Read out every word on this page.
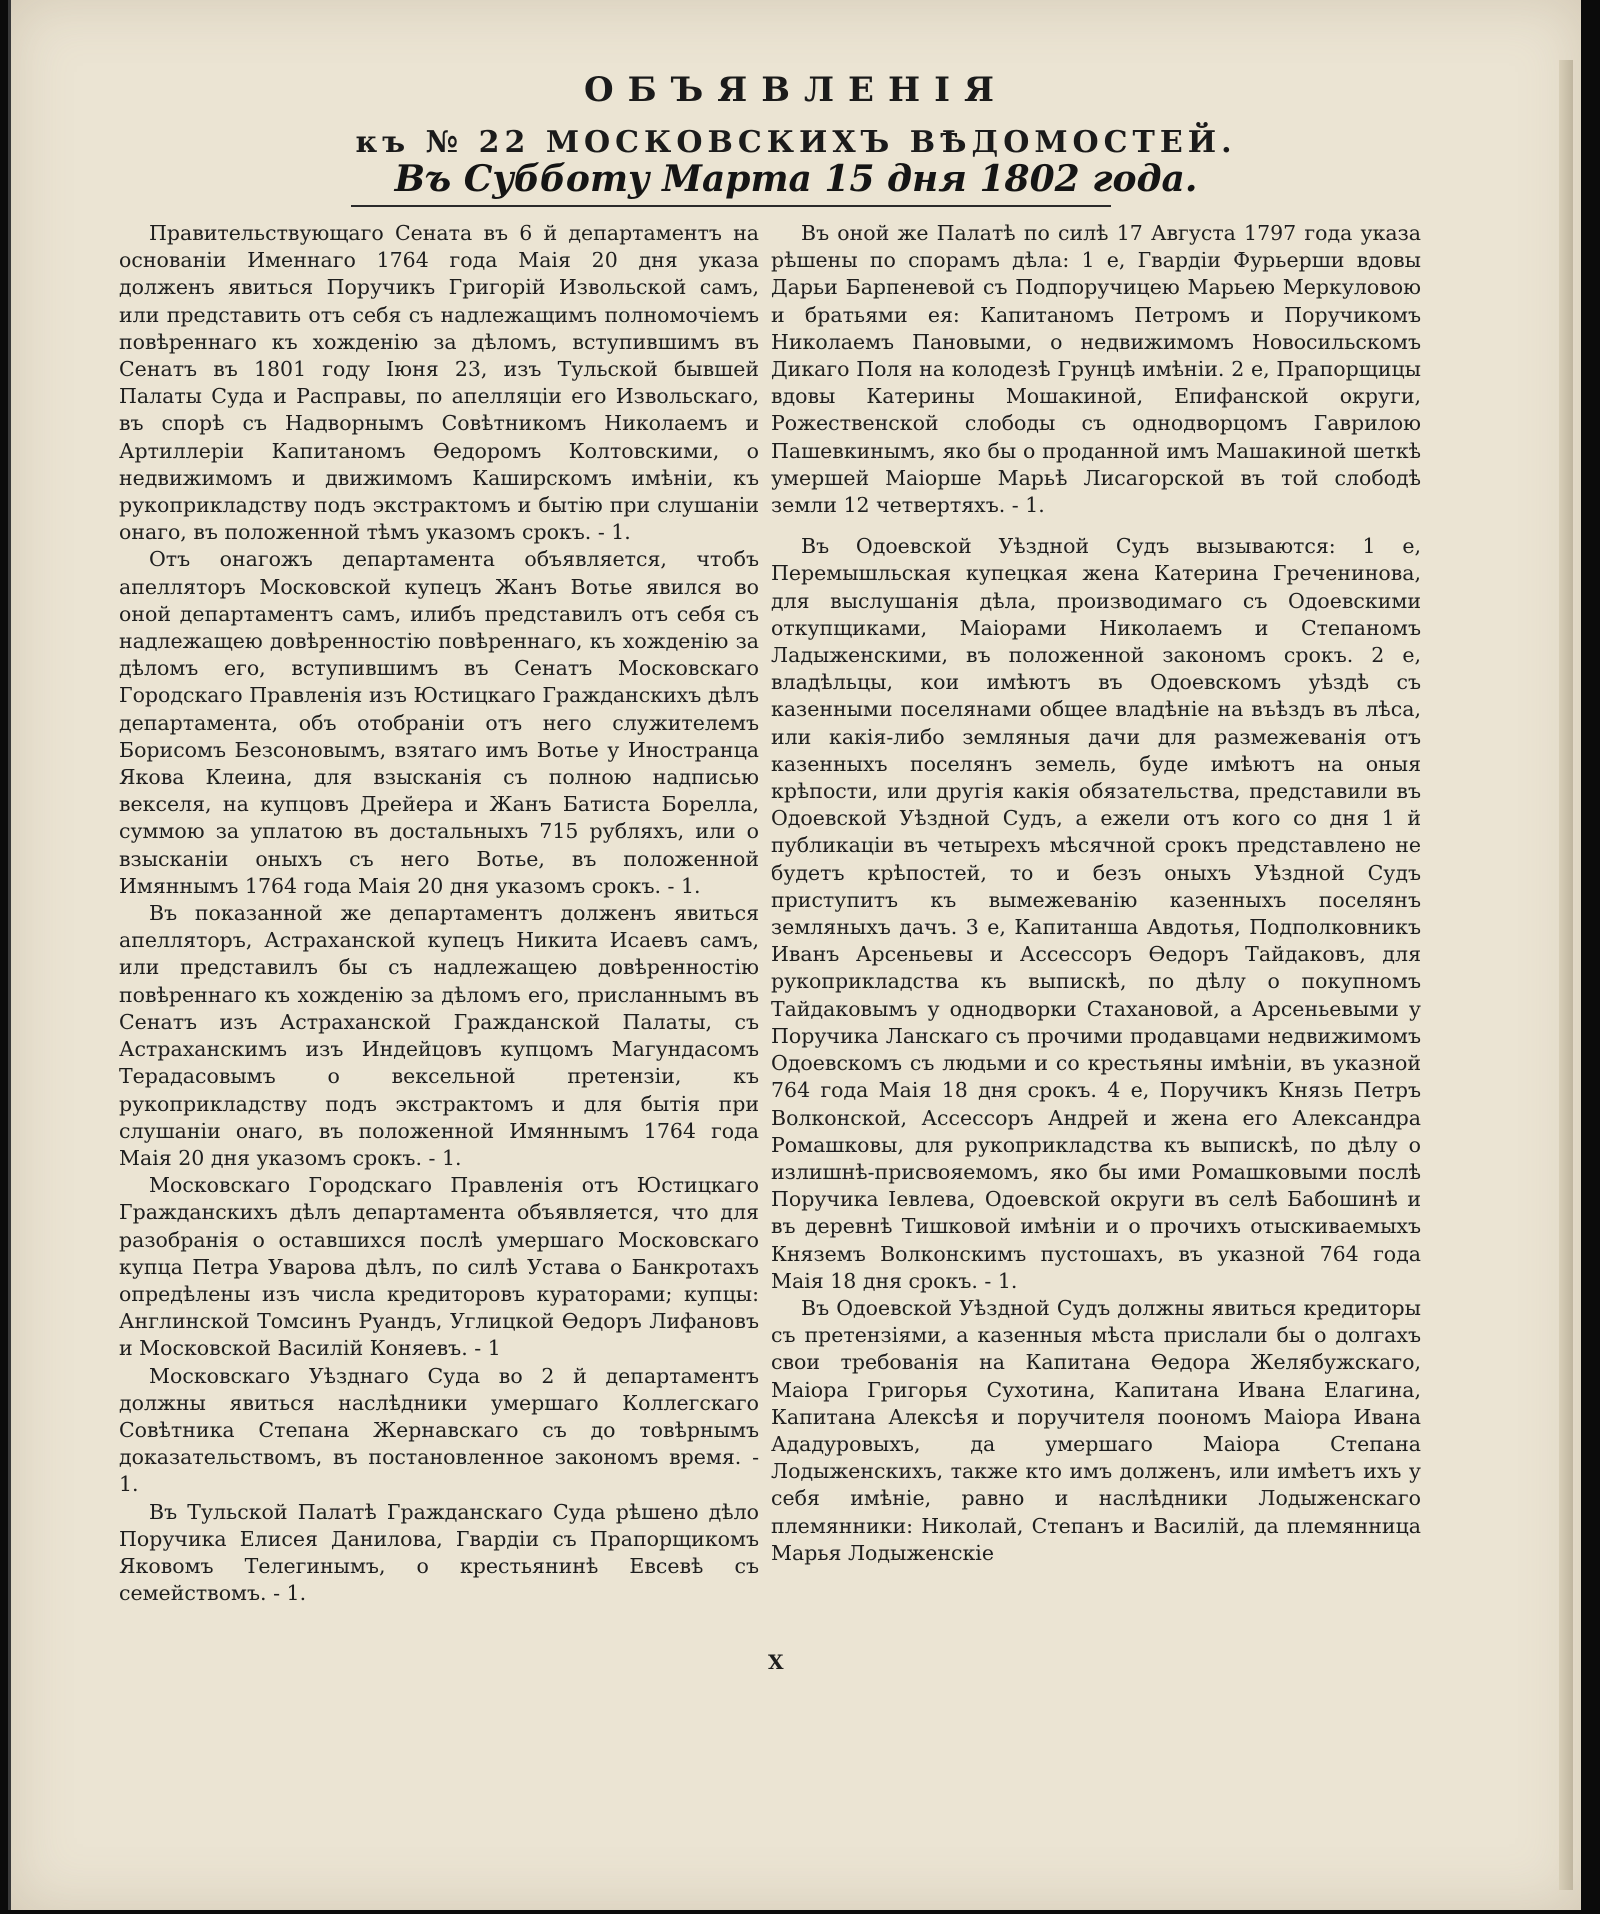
ОБЪЯВЛЕНІЯ
къ № 22 МОСКОВСКИХЪ ВѢДОМОСТЕЙ.
Въ Субботу Марта 15 дня 1802 года.

Правительствующаго Сената въ 6 й департаментъ на основаніи Именнаго 1764 года Маія 20 дня указа долженъ явиться Поручикъ Григорій Извольской самъ, или представить отъ себя съ надлежащимъ полномочіемъ повѣреннаго къ хожденію за дѣломъ, вступившимъ въ Сенатъ въ 1801 году Іюня 23, изъ Тульской бывшей Палаты Суда и Расправы, по апелляціи его Извольскаго, въ спорѣ съ Надворнымъ Совѣтникомъ Николаемъ и Артиллеріи Капитаномъ Ѳедоромъ Колтовскими, о недвижимомъ и движимомъ Каширскомъ имѣніи, къ рукоприкладству подъ экстрактомъ и бытію при слушаніи онаго, въ положенной тѣмъ указомъ срокъ. - 1.

Отъ онагожъ департамента объявляется, чтобъ апелляторъ Московской купецъ Жанъ Вотье явился во оной департаментъ самъ, илибъ представилъ отъ себя съ надлежащею довѣренностію повѣреннаго, къ хожденію за дѣломъ его, вступившимъ въ Сенатъ Московскаго Городскаго Правленія изъ Юстицкаго Гражданскихъ дѣлъ департамента, объ отобраніи отъ него служителемъ Борисомъ Безсоновымъ, взятаго имъ Вотье у Иностранца Якова Клеина, для взысканія съ полною надписью векселя, на купцовъ Дрейера и Жанъ Батиста Борелла, суммою за уплатою въ достальныхъ 715 рубляхъ, или о взысканіи оныхъ съ него Вотье, въ положенной Имяннымъ 1764 года Маія 20 дня указомъ срокъ. - 1.

Въ показанной же департаментъ долженъ явиться апелляторъ, Астраханской купецъ Никита Исаевъ самъ, или представилъ бы съ надлежащею довѣренностію повѣреннаго къ хожденію за дѣломъ его, присланнымъ въ Сенатъ изъ Астраханской Гражданской Палаты, съ Астраханскимъ изъ Индейцовъ купцомъ Магундасомъ Терадасовымъ о вексельной претензіи, къ рукоприкладству подъ экстрактомъ и для бытія при слушаніи онаго, въ положенной Имяннымъ 1764 года Маія 20 дня указомъ срокъ. - 1.

Московскаго Городскаго Правленія отъ Юстицкаго Гражданскихъ дѣлъ департамента объявляется, что для разобранія о оставшихся послѣ умершаго Московскаго купца Петра Уварова дѣлъ, по силѣ Устава о Банкротахъ опредѣлены изъ числа кредиторовъ кураторами; купцы: Англинской Томсинъ Руандъ, Углицкой Ѳедоръ Лифановъ и Московской Василій Коняевъ. - 1

Московскаго Уѣзднаго Суда во 2 й департаментъ должны явиться наслѣдники умершаго Коллегскаго Совѣтника Степана Жернавскаго съ до товѣрнымъ доказательствомъ, въ постановленное закономъ время. - 1.

Въ Тульской Палатѣ Гражданскаго Суда рѣшено дѣло Поручика Елисея Данилова, Гвардіи съ Прапорщикомъ Яковомъ Телегинымъ, о крестьянинѣ Евсевѣ съ семействомъ. - 1.

Въ оной же Палатѣ по силѣ 17 Августа 1797 года указа рѣшены по спорамъ дѣла: 1 е, Гвардіи Фурьерши вдовы Дарьи Барпеневой съ Подпоручицею Марьею Меркуловою и братьями ея: Капитаномъ Петромъ и Поручикомъ Николаемъ Пановыми, о недвижимомъ Новосильскомъ Дикаго Поля на колодезѣ Грунцѣ имѣніи. 2 е, Прапорщицы вдовы Катерины Мошакиной, Епифанской округи, Рожественской слободы съ однодворцомъ Гаврилою Пашевкинымъ, яко бы о проданной имъ Машакиной шеткѣ умершей Маіорше Марьѣ Лисагорской въ той слободѣ земли 12 четвертяхъ. - 1.

Въ Одоевской Уѣздной Судъ вызываются: 1 е, Перемышльская купецкая жена Катерина Греченинова, для выслушанія дѣла, производимаго съ Одоевскими откупщиками, Маіорами Николаемъ и Степаномъ Ладыженскими, въ положенной закономъ срокъ. 2 е, владѣльцы, кои имѣютъ въ Одоевскомъ уѣздѣ съ казенными поселянами общее владѣніе на въѣздъ въ лѣса, или какія-либо земляныя дачи для размежеванія отъ казенныхъ поселянъ земель, буде имѣютъ на оныя крѣпости, или другія какія обязательства, представили въ Одоевской Уѣздной Судъ, а ежели отъ кого со дня 1 й публикаціи въ четырехъ мѣсячной срокъ представлено не будетъ крѣпостей, то и безъ оныхъ Уѣздной Судъ приступитъ къ вымежеванію казенныхъ поселянъ земляныхъ дачъ. 3 е, Капитанша Авдотья, Подполковникъ Иванъ Арсеньевы и Ассессоръ Ѳедоръ Тайдаковъ, для рукоприкладства къ выпискѣ, по дѣлу о покупномъ Тайдаковымъ у однодворки Стахановой, а Арсеньевыми у Поручика Ланскаго съ прочими продавцами недвижимомъ Одоевскомъ съ людьми и со крестьяны имѣніи, въ указной 764 года Маія 18 дня срокъ. 4 е, Поручикъ Князь Петръ Волконской, Ассессоръ Андрей и жена его Александра Ромашковы, для рукоприкладства къ выпискѣ, по дѣлу о излишнѣ-присвояемомъ, яко бы ими Ромашковыми послѣ Поручика Іевлева, Одоевской округи въ селѣ Бабошинѣ и въ деревнѣ Тишковой имѣніи и о прочихъ отыскиваемыхъ Княземъ Волконскимъ пустошахъ, въ указной 764 года Маія 18 дня срокъ. - 1.

Въ Одоевской Уѣздной Судъ должны явиться кредиторы съ претензіями, а казенныя мѣста прислали бы о долгахъ свои требованія на Капитана Ѳедора Желябужскаго, Маіора Григорья Сухотина, Капитана Ивана Елагина, Капитана Алексѣя и поручителя поономъ Маіора Ивана Ададуровыхъ, да умершаго Маіора Степана Лодыженскихъ, также кто имъ долженъ, или имѣетъ ихъ у себя имѣніе, равно и наслѣдники Лодыженскаго племянники: Николай, Степанъ и Василій, да племянница Марья Лодыженскіе

X
